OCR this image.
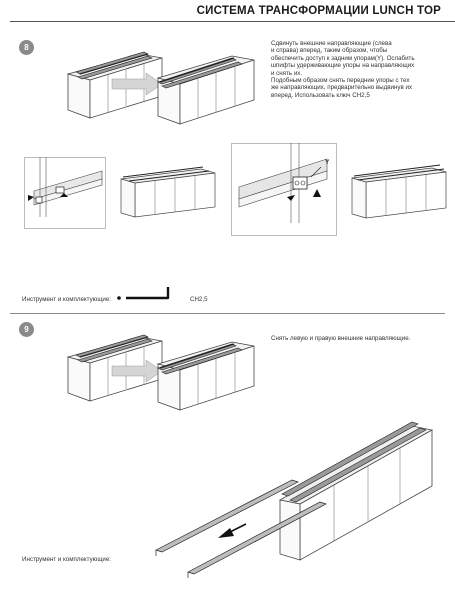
СИСТЕМА ТРАНСФОРМАЦИИ LUNCH TOP
8	Сдвинуть внешние направляющие (слева
и справа) вперед, таким образом, чтобы
обеспечить доступ к задним упорам(Y). Ослабить
шпифты удерживающие упоры на направляющих
и снять их.
Подобным образом снять передние упоры с тех
же направляющих, предварительно выдвинув их
вперед. Использовать ключ CH2,5
Y
Инструмент и комплектующие:	CH2,5
9
Снять левую и правую внешние направляющие.
Инструмент и комплектующие:
